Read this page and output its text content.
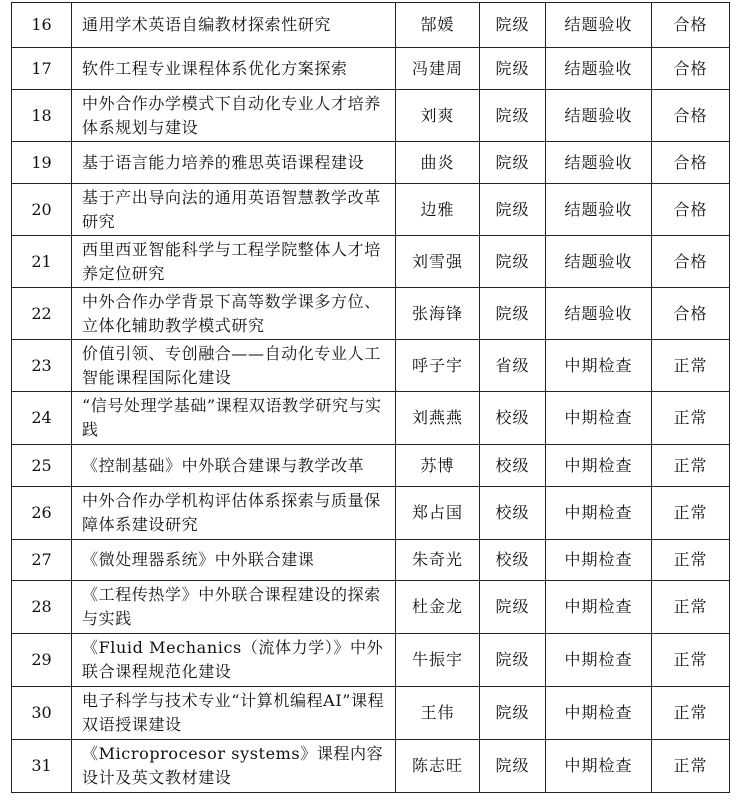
16	通用学术英语自编教材探索性研究	郜媛	院级	结题验收	合格
17	软件工程专业课程体系优化方案探索	冯建周	院级	结题验收	合格
18	中外合作办学模式下自动化专业人才培养体系规划与建设	刘爽	院级	结题验收	合格
19	基于语言能力培养的雅思英语课程建设	曲炎	院级	结题验收	合格
20	基于产出导向法的通用英语智慧教学改革研究	边雅	院级	结题验收	合格
21	西里西亚智能科学与工程学院整体人才培养定位研究	刘雪强	院级	结题验收	合格
22	中外合作办学背景下高等数学课多方位、立体化辅助教学模式研究	张海锋	院级	结题验收	合格
23	价值引领、专创融合——自动化专业人工智能课程国际化建设	呼子宇	省级	中期检查	正常
24	“信号处理学基础”课程双语教学研究与实践	刘燕燕	校级	中期检查	正常
25	《控制基础》中外联合建课与教学改革	苏博	校级	中期检查	正常
26	中外合作办学机构评估体系探索与质量保障体系建设研究	郑占国	校级	中期检查	正常
27	《微处理器系统》中外联合建课	朱奇光	校级	中期检查	正常
28	《工程传热学》中外联合课程建设的探索与实践	杜金龙	院级	中期检查	正常
29	《Fluid Mechanics（流体力学）》中外联合课程规范化建设	牛振宇	院级	中期检查	正常
30	电子科学与技术专业“计算机编程AI”课程双语授课建设	王伟	院级	中期检查	正常
31	《Microprocesor systems》课程内容设计及英文教材建设	陈志旺	院级	中期检查	正常
